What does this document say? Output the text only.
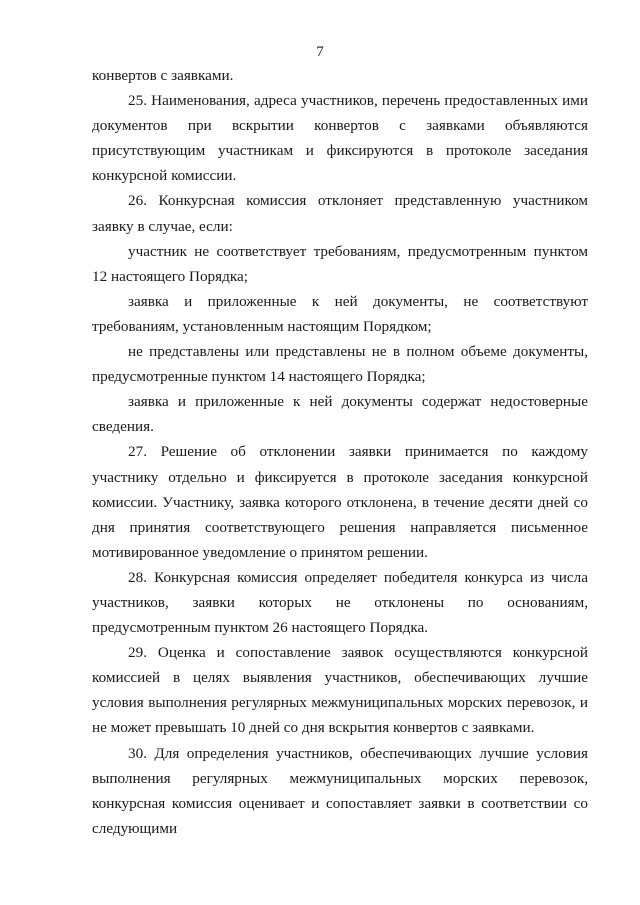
7

конвертов с заявками.

25. Наименования, адреса участников, перечень предоставленных ими документов при вскрытии конвертов с заявками объявляются присутствующим участникам и фиксируются в протоколе заседания конкурсной комиссии.

26. Конкурсная комиссия отклоняет представленную участником заявку в случае, если:

участник не соответствует требованиям, предусмотренным пунктом 12 настоящего Порядка;

заявка и приложенные к ней документы, не соответствуют требованиям, установленным настоящим Порядком;

не представлены или представлены не в полном объеме документы, предусмотренные пунктом 14 настоящего Порядка;

заявка и приложенные к ней документы содержат недостоверные сведения.

27. Решение об отклонении заявки принимается по каждому участнику отдельно и фиксируется в протоколе заседания конкурсной комиссии. Участнику, заявка которого отклонена, в течение десяти дней со дня принятия соответствующего решения направляется письменное мотивированное уведомление о принятом решении.

28. Конкурсная комиссия определяет победителя конкурса из числа участников, заявки которых не отклонены по основаниям, предусмотренным пунктом 26 настоящего Порядка.

29. Оценка и сопоставление заявок осуществляются конкурсной комиссией в целях выявления участников, обеспечивающих лучшие условия выполнения регулярных межмуниципальных морских перевозок, и не может превышать 10 дней со дня вскрытия конвертов с заявками.

30. Для определения участников, обеспечивающих лучшие условия выполнения регулярных межмуниципальных морских перевозок, конкурсная комиссия оценивает и сопоставляет заявки в соответствии со следующими
